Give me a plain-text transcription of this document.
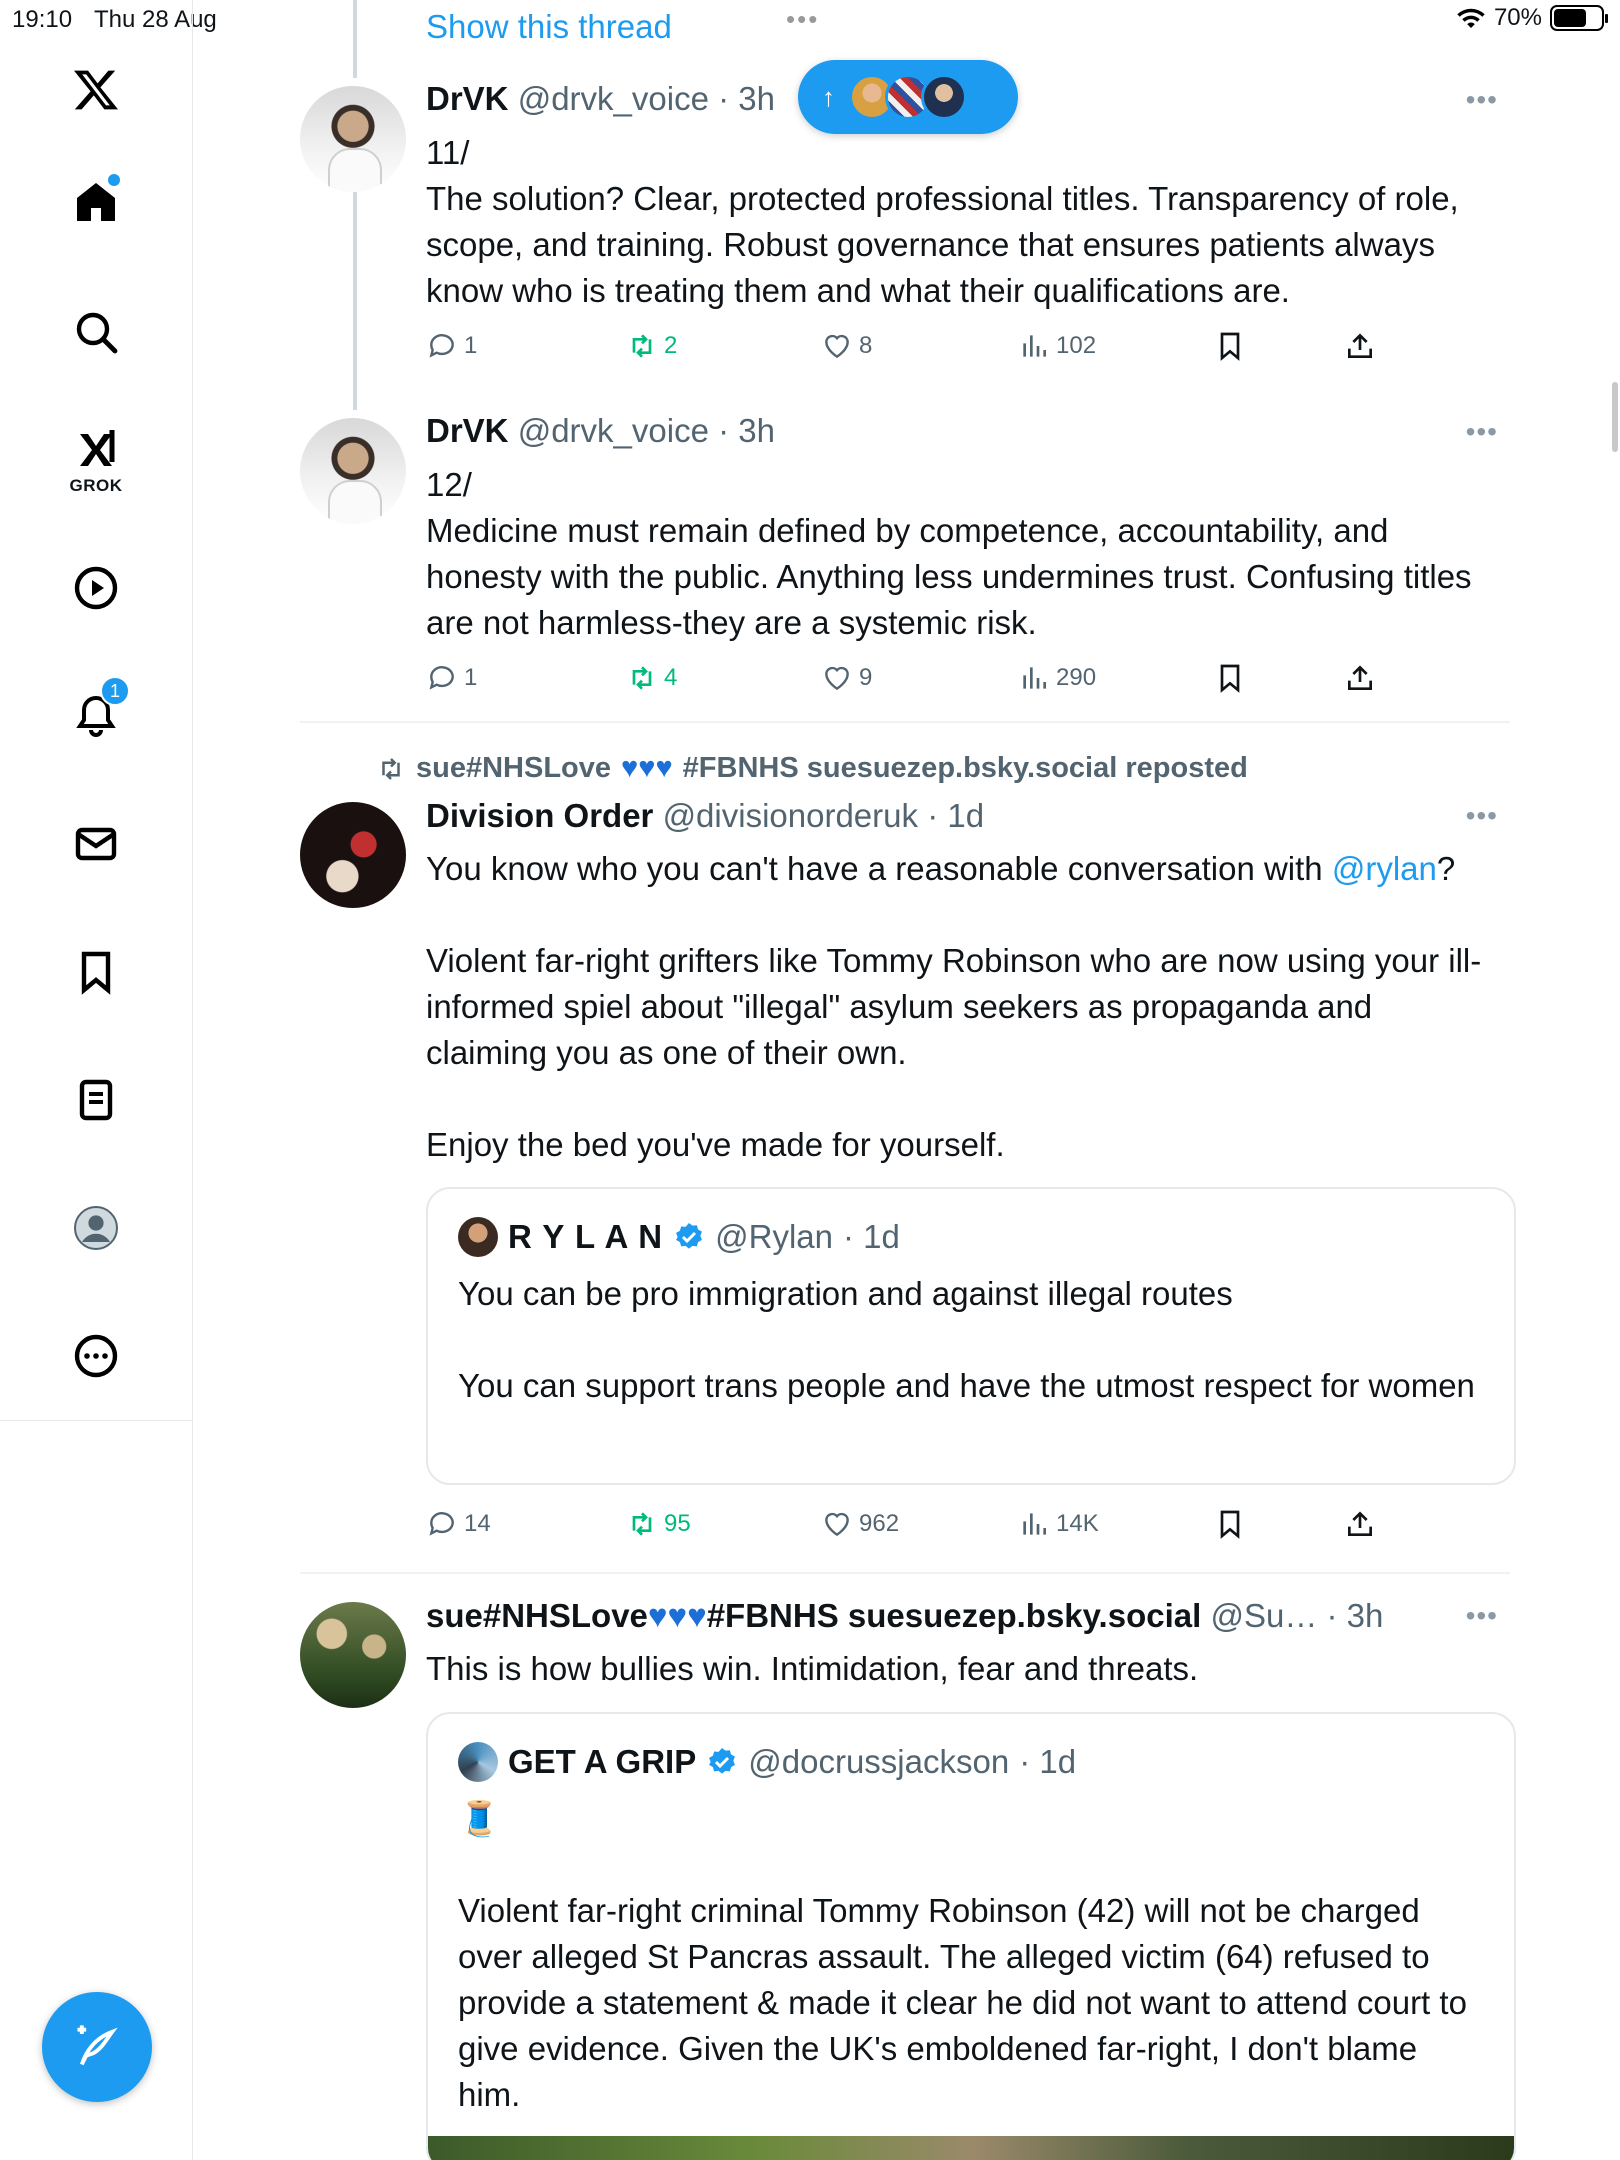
19:10 Thu 28 Aug	•••	70%
GROK
1
Show this thread
↑
DrVK @drvk_voice · 3h	•••

11/

The solution? Clear, protected professional titles. Transparency of role, scope, and training. Robust governance that ensures patients always know who is treating them and what their qualifications are.

1	2	8	102
DrVK @drvk_voice · 3h	•••

12/

Medicine must remain defined by competence, accountability, and honesty with the public. Anything less undermines trust. Confusing titles are not harmless-they are a systemic risk.

1	4	9	290
sue#NHSLove ♥♥♥ #FBNHS suesuezep.bsky.social reposted
Division Order @divisionorderuk · 1d	•••

You know who you can't have a reasonable conversation with @rylan?

Violent far-right grifters like Tommy Robinson who are now using your ill-informed spiel about "illegal" asylum seekers as propaganda and claiming you as one of their own.

Enjoy the bed you've made for yourself.

R Y L A N @Rylan · 1d

You can be pro immigration and against illegal routes

You can support trans people and have the utmost respect for women

14	95	962	14K
sue#NHSLove♥♥♥#FBNHS suesuezep.bsky.social @Su… · 3h	•••

This is how bullies win. Intimidation, fear and threats.

GET A GRIP @docrussjackson · 1d

🧵

Violent far-right criminal Tommy Robinson (42) will not be charged over alleged St Pancras assault. The alleged victim (64) refused to provide a statement & made it clear he did not want to attend court to give evidence. Given the UK's emboldened far-right, I don't blame him.
